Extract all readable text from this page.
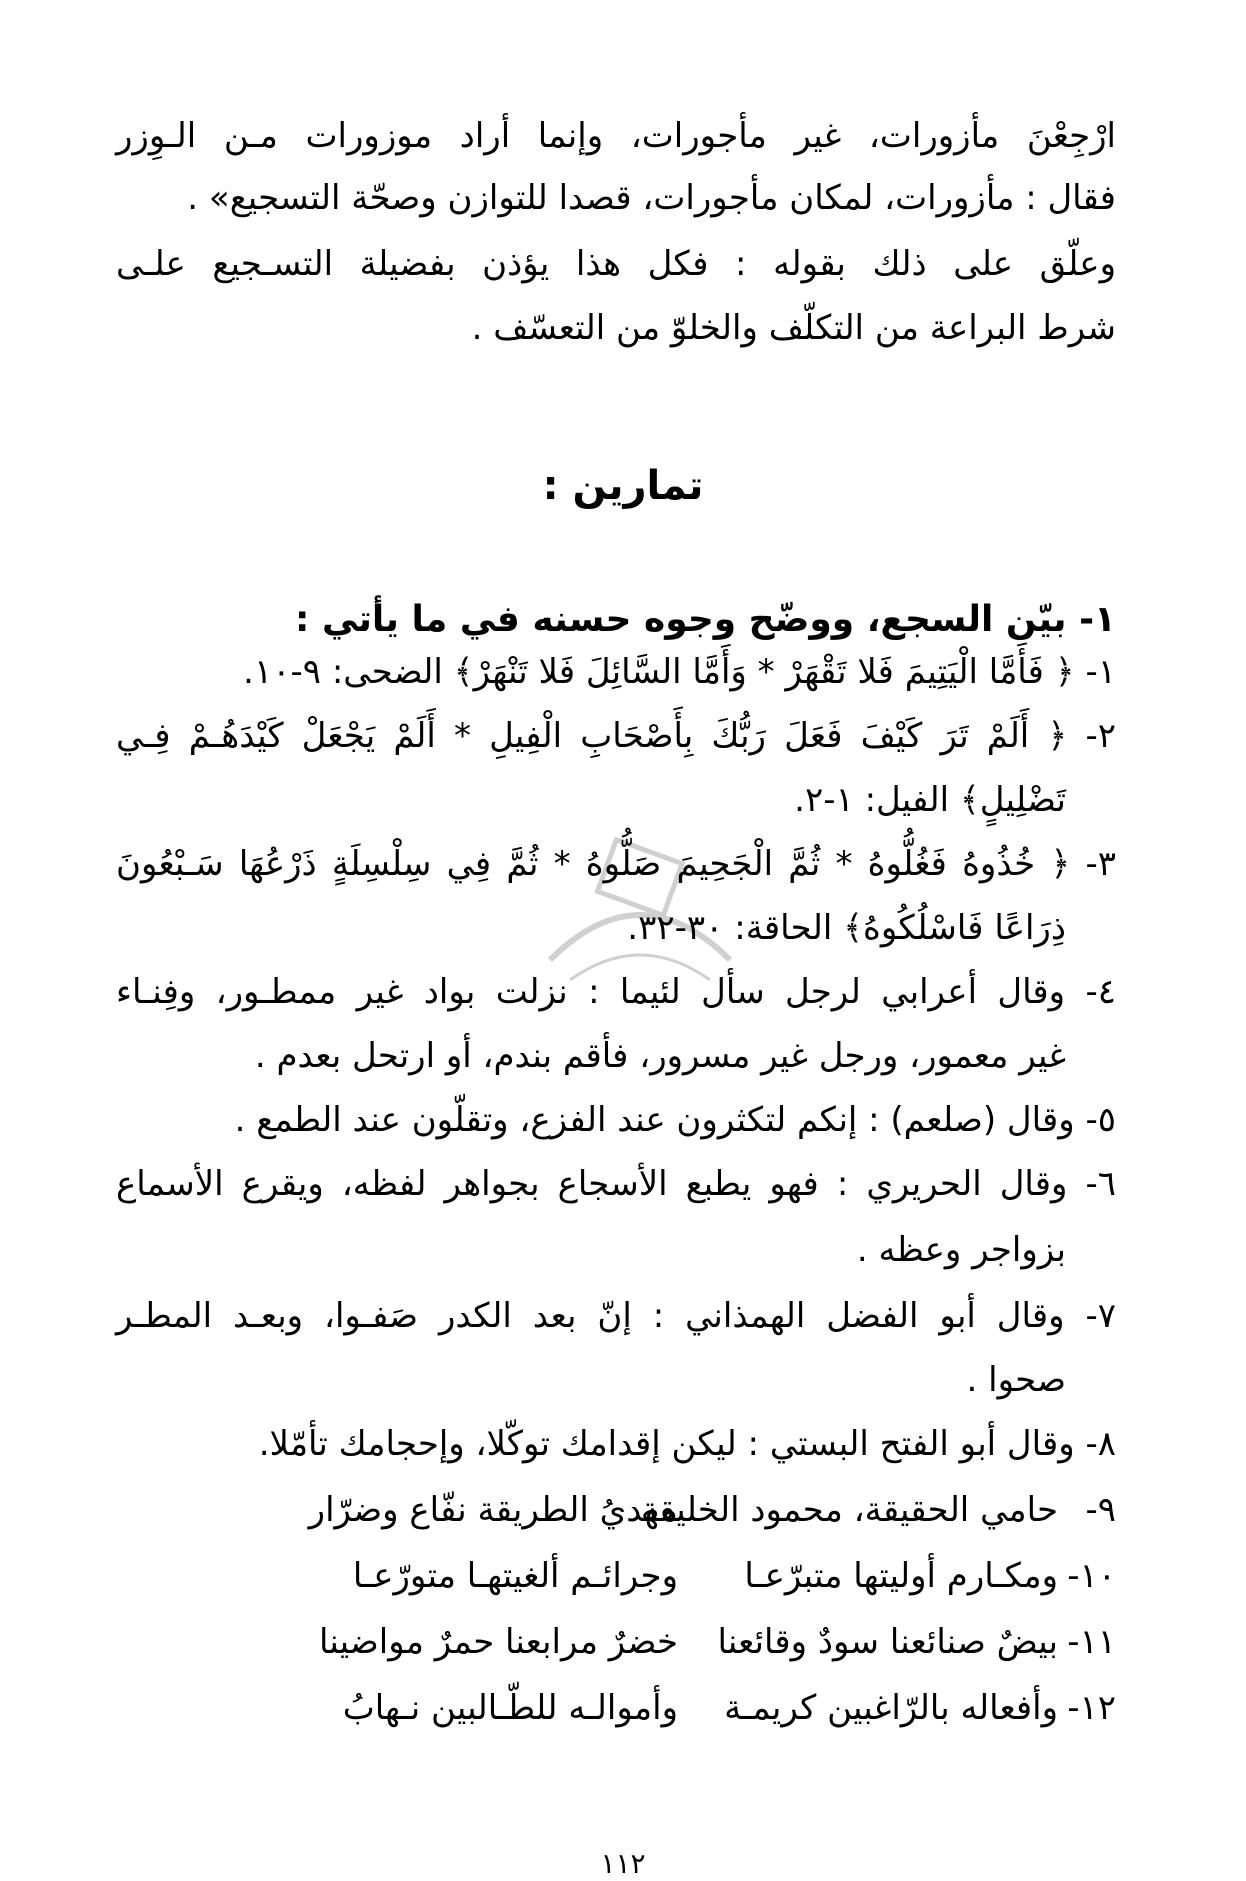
ارْجِعْنَ مأزورات، غير مأجورات، وإنما أراد موزورات مـن الـوِزر
فقال : مأزورات، لمكان مأجورات، قصدا للتوازن وصحّة التسجيع» .
وعلّق على ذلك بقوله : فكل هذا يؤذن بفضيلة التسـجيع علـى
شرط البراعة من التكلّف والخلوّ من التعسّف .
تمارين :
١- بيّن السجع، ووضّح وجوه حسنه في ما يأتي :
١- ﴿ فَأَمَّا الْيَتِيمَ فَلا تَقْهَرْ * وَأَمَّا السَّائِلَ فَلا تَنْهَرْ﴾ الضحى: ٩-١٠.
٢- ﴿ أَلَمْ تَرَ كَيْفَ فَعَلَ رَبُّكَ بِأَصْحَابِ الْفِيلِ * أَلَمْ يَجْعَلْ كَيْدَهُـمْ فِـي
تَضْلِيلٍ﴾ الفيل: ١-٢.
٣- ﴿ خُذُوهُ فَغُلُّوهُ * ثُمَّ الْجَحِيمَ صَلُّوهُ * ثُمَّ فِي سِلْسِلَةٍ ذَرْعُهَا سَـبْعُونَ
ذِرَاعًا فَاسْلُكُوهُ﴾ الحاقة: ٣٠-٣٢.
٤- وقال أعرابي لرجل سأل لئيما : نزلت بواد غير ممطـور، وفِنـاء
غير معمور، ورجل غير مسرور، فأقم بندم، أو ارتحل بعدم .
٥- وقال (صلعم) : إنكم لتكثرون عند الفزع، وتقلّون عند الطمع .
٦- وقال الحريري : فهو يطبع الأسجاع بجواهر لفظه، ويقرع الأسماع
بزواجر وعظه .
٧- وقال أبو الفضل الهمذاني : إنّ بعد الكدر صَفـوا، وبعـد المطـر
صحوا .
٨- وقال أبو الفتح البستي : ليكن إقدامك توكّلا، وإحجامك تأمّلا.
٩-حامي الحقيقة، محمود الخليقةمهديُ الطريقة نفّاع وضرّار
١٠-ومكـارم أوليتها متبرّعـاوجرائـم ألغيتهـا متورّعـا
١١-بيضٌ صنائعنا سودٌ وقائعناخضرٌ مرابعنا حمرٌ مواضينا
١٢-وأفعاله بالرّاغبين كريمـةوأموالـه للطّـالبين نـهابُ
١١٢
